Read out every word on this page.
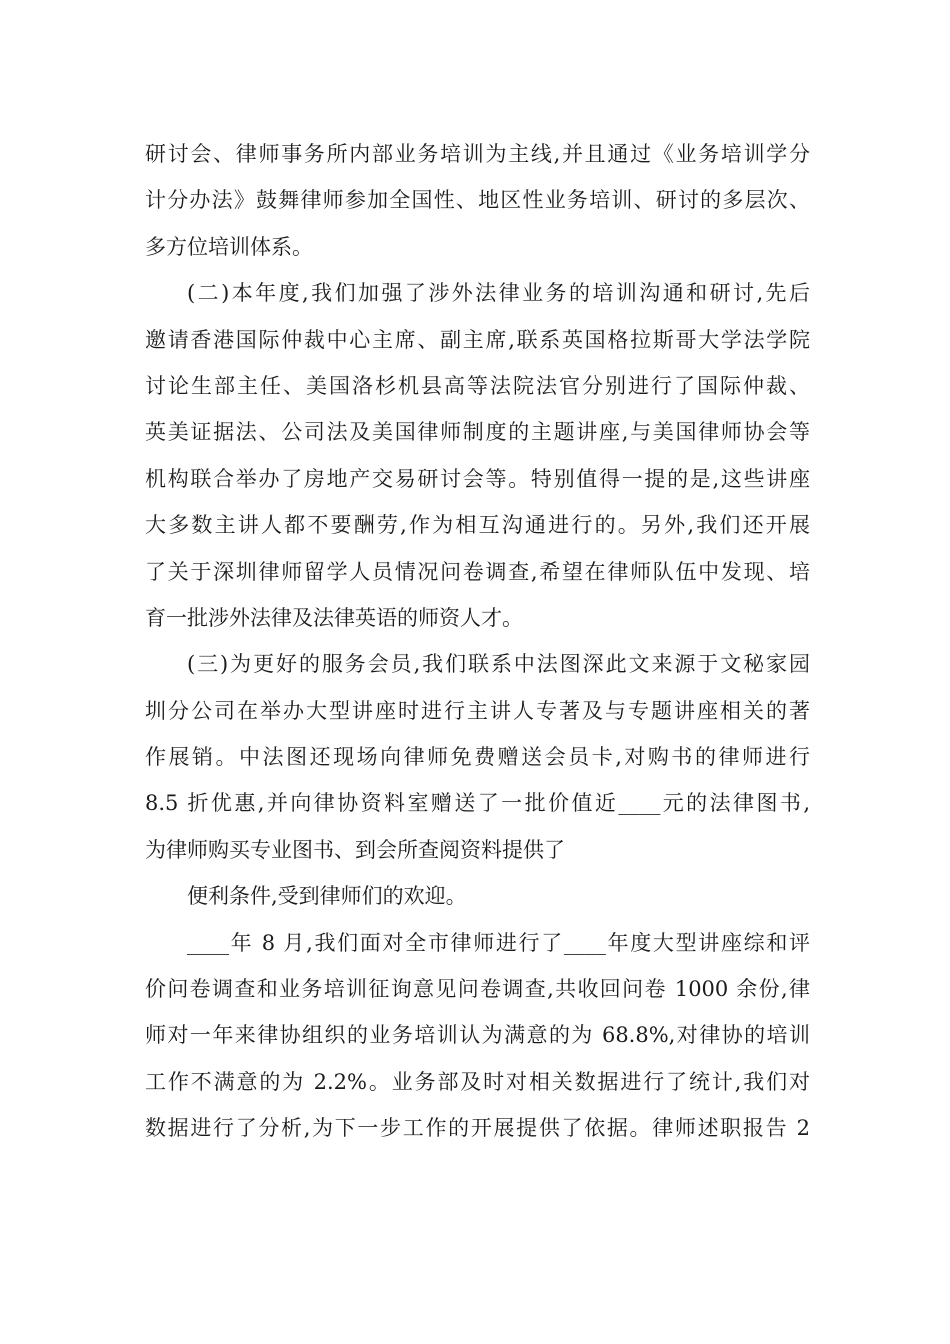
研讨会、律师事务所内部业务培训为主线,并且通过《业务培训学分
计分办法》鼓舞律师参加全国性、地区性业务培训、研讨的多层次、
多方位培训体系。
(二)本年度,我们加强了涉外法律业务的培训沟通和研讨,先后
邀请香港国际仲裁中心主席、副主席,联系英国格拉斯哥大学法学院
讨论生部主任、美国洛杉机县高等法院法官分别进行了国际仲裁、
英美证据法、公司法及美国律师制度的主题讲座,与美国律师协会等
机构联合举办了房地产交易研讨会等。特别值得一提的是,这些讲座
大多数主讲人都不要酬劳,作为相互沟通进行的。另外,我们还开展
了关于深圳律师留学人员情况问卷调查,希望在律师队伍中发现、培
育一批涉外法律及法律英语的师资人才。
(三)为更好的服务会员,我们联系中法图深此文来源于文秘家园
圳分公司在举办大型讲座时进行主讲人专著及与专题讲座相关的著
作展销。中法图还现场向律师免费赠送会员卡,对购书的律师进行
8.5 折优惠,并向律协资料室赠送了一批价值近____元的法律图书,
为律师购买专业图书、到会所查阅资料提供了
便利条件,受到律师们的欢迎。
____年 8 月,我们面对全市律师进行了____年度大型讲座综和评
价问卷调查和业务培训征询意见问卷调查,共收回问卷 1000 余份,律
师对一年来律协组织的业务培训认为满意的为 68.8%,对律协的培训
工作不满意的为 2.2%。业务部及时对相关数据进行了统计,我们对
数据进行了分析,为下一步工作的开展提供了依据。律师述职报告 2
